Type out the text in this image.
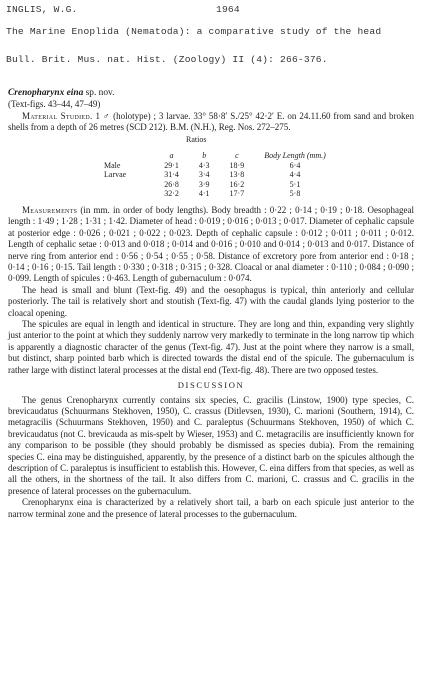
INGLIS, W.G.	1964
The Marine Enoplida (Nematoda): a comparative study of the head
Bull. Brit. Mus. nat. Hist. (Zoology) II (4): 266-376.

Crenopharynx eina sp. nov.

(Text-figs. 43–44, 47–49)

Material Studied. 1 ♂ (holotype) ; 3 larvae. 33° 58·8′ S./25° 42·2′ E. on 24.11.60 from sand and broken shells from a depth of 26 metres (SCD 212). B.M. (N.H.), Reg. Nos. 272–275.

Ratios
	a	b	c	Body Length (mm.)
Male	29·1	4·3	18·9	6·4
Larvae	31·4	3·4	13·8	4·4
	26·8	3·9	16·2	5·1
	32·2	4·1	17·7	5·8

Measurements (in mm. in order of body lengths). Body breadth : 0·22 ; 0·14 ; 0·19 ; 0·18. Oesophageal length : 1·49 ; 1·28 ; 1·31 ; 1·42. Diameter of head : 0·019 ; 0·016 ; 0·013 ; 0·017. Diameter of cephalic capsule at posterior edge : 0·026 ; 0·021 ; 0·022 ; 0·023. Depth of cephalic capsule : 0·012 ; 0·011 ; 0·011 ; 0·012. Length of cephalic setae : 0·013 and 0·018 ; 0·014 and 0·016 ; 0·010 and 0·014 ; 0·013 and 0·017. Distance of nerve ring from anterior end : 0·56 ; 0·54 ; 0·55 ; 0·58. Distance of excretory pore from anterior end : 0·18 ; 0·14 ; 0·16 ; 0·15. Tail length : 0·330 ; 0·318 ; 0·315 ; 0·328. Cloacal or anal diameter : 0·110 ; 0·084 ; 0·090 ; 0·099. Length of spicules : 0·463. Length of gubernaculum : 0·074.

The head is small and blunt (Text-fig. 49) and the oesophagus is typical, thin anteriorly and cellular posteriorly. The tail is relatively short and stoutish (Text-fig. 47) with the caudal glands lying posterior to the cloacal opening.

The spicules are equal in length and identical in structure. They are long and thin, expanding very slightly just anterior to the point at which they suddenly narrow very markedly to terminate in the long narrow tip which is apparently a diagnostic character of the genus (Text-fig. 47). Just at the point where they narrow is a small, but distinct, sharp pointed barb which is directed towards the distal end of the spicule. The gubernaculum is rather large with distinct lateral processes at the distal end (Text-fig. 48). There are two opposed testes.

DISCUSSION

The genus Crenopharynx currently contains six species, C. gracilis (Linstow, 1900) type species, C. brevicaudatus (Schuurmans Stekhoven, 1950), C. crassus (Ditlevsen, 1930), C. marioni (Southern, 1914), C. metagracilis (Schuurmans Stekhoven, 1950) and C. paraleptus (Schuurmans Stekhoven, 1950) of which C. brevicaudatus (not C. brevicauda as mis-spelt by Wieser, 1953) and C. metagracilis are insufficiently known for any comparison to be possible (they should probably be dismissed as species dubia). From the remaining species C. eina may be distinguished, apparently, by the presence of a distinct barb on the spicules although the description of C. paraleptus is insufficient to establish this. However, C. eina differs from that species, as well as all the others, in the shortness of the tail. It also differs from C. marioni, C. crassus and C. gracilis in the presence of lateral processes on the gubernaculum.

Crenopharynx eina is characterized by a relatively short tail, a barb on each spicule just anterior to the narrow terminal zone and the presence of lateral processes to the gubernaculum.
